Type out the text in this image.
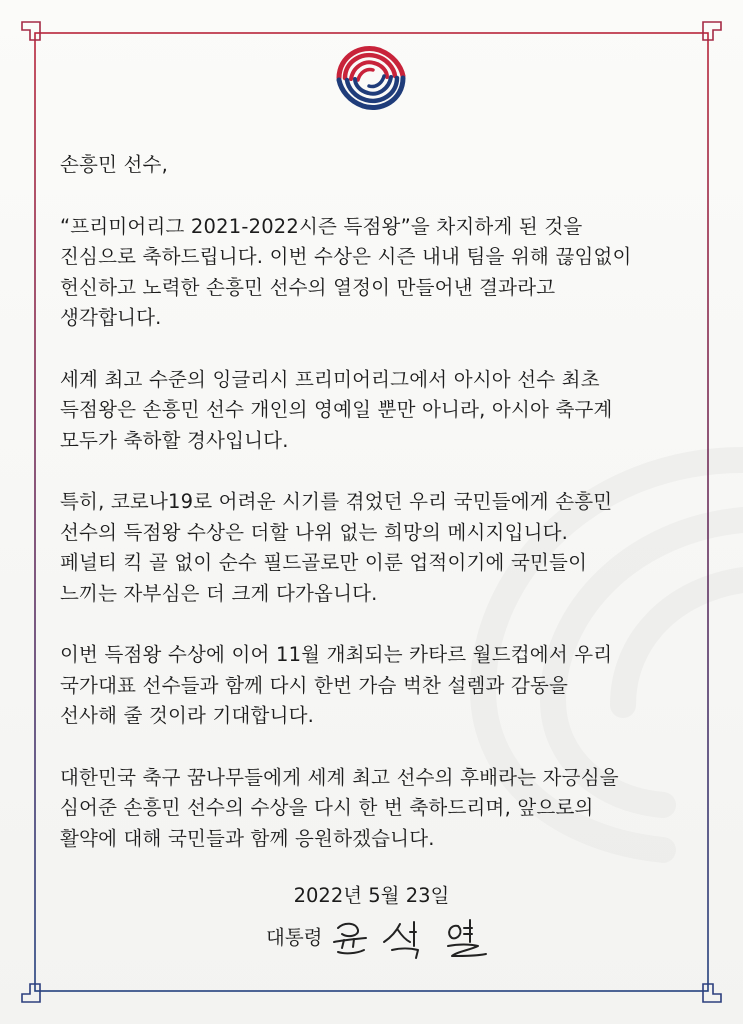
손흥민 선수,

“프리미어리그 2021-2022시즌 득점왕”을 차지하게 된 것을
진심으로 축하드립니다. 이번 수상은 시즌 내내 팀을 위해 끊임없이
헌신하고 노력한 손흥민 선수의 열정이 만들어낸 결과라고
생각합니다.

세계 최고 수준의 잉글리시 프리미어리그에서 아시아 선수 최초
득점왕은 손흥민 선수 개인의 영예일 뿐만 아니라, 아시아 축구계
모두가 축하할 경사입니다.

특히, 코로나19로 어려운 시기를 겪었던 우리 국민들에게 손흥민
선수의 득점왕 수상은 더할 나위 없는 희망의 메시지입니다.
페널티 킥 골 없이 순수 필드골로만 이룬 업적이기에 국민들이
느끼는 자부심은 더 크게 다가옵니다.

이번 득점왕 수상에 이어 11월 개최되는 카타르 월드컵에서 우리
국가대표 선수들과 함께 다시 한번 가슴 벅찬 설렘과 감동을
선사해 줄 것이라 기대합니다.

대한민국 축구 꿈나무들에게 세계 최고 선수의 후배라는 자긍심을
심어준 손흥민 선수의 수상을 다시 한 번 축하드리며, 앞으로의
활약에 대해 국민들과 함께 응원하겠습니다.

2022년 5월 23일
대통령
